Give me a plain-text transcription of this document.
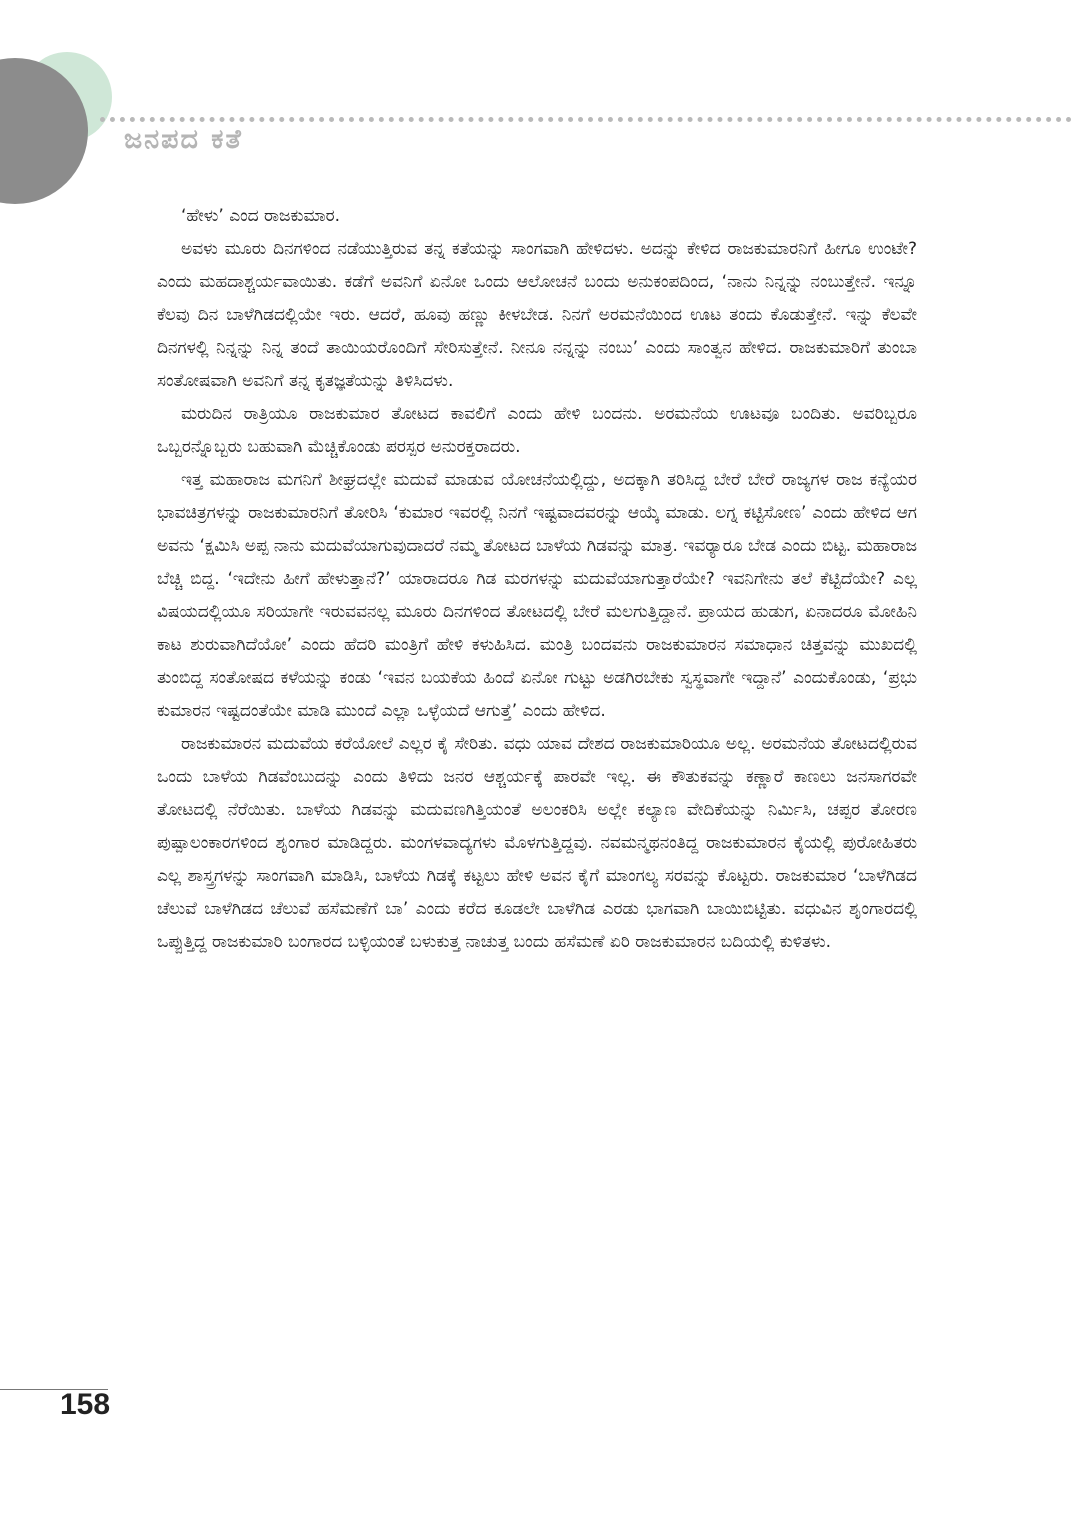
ಜನಪದ ಕತೆ

‘ಹೇಳು’ ಎಂದ ರಾಜಕುಮಾರ.

ಅವಳು ಮೂರು ದಿನಗಳಿಂದ ನಡೆಯುತ್ತಿರುವ ತನ್ನ ಕತೆಯನ್ನು ಸಾಂಗವಾಗಿ ಹೇಳಿದಳು. ಅದನ್ನು ಕೇಳಿದ ರಾಜಕುಮಾರನಿಗೆ ಹೀಗೂ ಉಂಟೇ? ಎಂದು ಮಹದಾಶ್ಚರ್ಯವಾಯಿತು. ಕಡೆಗೆ ಅವನಿಗೆ ಏನೋ ಒಂದು ಆಲೋಚನೆ ಬಂದು ಅನುಕಂಪದಿಂದ, ‘ನಾನು ನಿನ್ನನ್ನು ನಂಬುತ್ತೇನೆ. ಇನ್ನೂ ಕೆಲವು ದಿನ ಬಾಳೆಗಿಡದಲ್ಲಿಯೇ ಇರು. ಆದರೆ, ಹೂವು ಹಣ್ಣು ಕೀಳಬೇಡ. ನಿನಗೆ ಅರಮನೆಯಿಂದ ಊಟ ತಂದು ಕೊಡುತ್ತೇನೆ. ಇನ್ನು ಕೆಲವೇ ದಿನಗಳಲ್ಲಿ ನಿನ್ನನ್ನು ನಿನ್ನ ತಂದೆ ತಾಯಿಯರೊಂದಿಗೆ ಸೇರಿಸುತ್ತೇನೆ. ನೀನೂ ನನ್ನನ್ನು ನಂಬು’ ಎಂದು ಸಾಂತ್ವನ ಹೇಳಿದ. ರಾಜಕುಮಾರಿಗೆ ತುಂಬಾ ಸಂತೋಷವಾಗಿ ಅವನಿಗೆ ತನ್ನ ಕೃತಜ್ಞತೆಯನ್ನು ತಿಳಿಸಿದಳು.

ಮರುದಿನ ರಾತ್ರಿಯೂ ರಾಜಕುಮಾರ ತೋಟದ ಕಾವಲಿಗೆ ಎಂದು ಹೇಳಿ ಬಂದನು. ಅರಮನೆಯ ಊಟವೂ ಬಂದಿತು. ಅವರಿಬ್ಬರೂ ಒಬ್ಬರನ್ನೊಬ್ಬರು ಬಹುವಾಗಿ ಮೆಚ್ಚಿಕೊಂಡು ಪರಸ್ಪರ ಅನುರಕ್ತರಾದರು.

ಇತ್ತ ಮಹಾರಾಜ ಮಗನಿಗೆ ಶೀಘ್ರದಲ್ಲೇ ಮದುವೆ ಮಾಡುವ ಯೋಚನೆಯಲ್ಲಿದ್ದು, ಅದಕ್ಕಾಗಿ ತರಿಸಿದ್ದ ಬೇರೆ ಬೇರೆ ರಾಜ್ಯಗಳ ರಾಜ ಕನ್ಯೆಯರ ಭಾವಚಿತ್ರಗಳನ್ನು ರಾಜಕುಮಾರನಿಗೆ ತೋರಿಸಿ ‘ಕುಮಾರ ಇವರಲ್ಲಿ ನಿನಗೆ ಇಷ್ಟವಾದವರನ್ನು ಆಯ್ಕೆ ಮಾಡು. ಲಗ್ನ ಕಟ್ಟಿಸೋಣ’ ಎಂದು ಹೇಳಿದ ಆಗ ಅವನು ‘ಕ್ಷಮಿಸಿ ಅಪ್ಪ ನಾನು ಮದುವೆಯಾಗುವುದಾದರೆ ನಮ್ಮ ತೋಟದ ಬಾಳೆಯ ಗಿಡವನ್ನು ಮಾತ್ರ. ಇವರ್‍ಯಾರೂ ಬೇಡ ಎಂದು ಬಿಟ್ಟ. ಮಹಾರಾಜ ಬೆಚ್ಚಿ ಬಿದ್ದ. ‘ಇದೇನು ಹೀಗೆ ಹೇಳುತ್ತಾನೆ?’ ಯಾರಾದರೂ ಗಿಡ ಮರಗಳನ್ನು ಮದುವೆಯಾಗುತ್ತಾರೆಯೇ? ಇವನಿಗೇನು ತಲೆ ಕೆಟ್ಟಿದೆಯೇ? ಎಲ್ಲ ವಿಷಯದಲ್ಲಿಯೂ ಸರಿಯಾಗೇ ಇರುವವನಲ್ಲ ಮೂರು ದಿನಗಳಿಂದ ತೋಟದಲ್ಲಿ ಬೇರೆ ಮಲಗುತ್ತಿದ್ದಾನೆ. ಪ್ರಾಯದ ಹುಡುಗ, ಏನಾದರೂ ಮೋಹಿನಿ ಕಾಟ ಶುರುವಾಗಿದೆಯೋ’ ಎಂದು ಹೆದರಿ ಮಂತ್ರಿಗೆ ಹೇಳಿ ಕಳುಹಿಸಿದ. ಮಂತ್ರಿ ಬಂದವನು ರಾಜಕುಮಾರನ ಸಮಾಧಾನ ಚಿತ್ತವನ್ನು ಮುಖದಲ್ಲಿ ತುಂಬಿದ್ದ ಸಂತೋಷದ ಕಳೆಯನ್ನು ಕಂಡು ‘ಇವನ ಬಯಕೆಯ ಹಿಂದೆ ಏನೋ ಗುಟ್ಟು ಅಡಗಿರಬೇಕು ಸ್ವಸ್ಥವಾಗೇ ಇದ್ದಾನೆ’ ಎಂದುಕೊಂಡು, ‘ಪ್ರಭು ಕುಮಾರನ ಇಷ್ಟದಂತೆಯೇ ಮಾಡಿ ಮುಂದೆ ಎಲ್ಲಾ ಒಳ್ಳೆಯದೆ ಆಗುತ್ತೆ’ ಎಂದು ಹೇಳಿದ.

ರಾಜಕುಮಾರನ ಮದುವೆಯ ಕರೆಯೋಲೆ ಎಲ್ಲರ ಕೈ ಸೇರಿತು. ವಧು ಯಾವ ದೇಶದ ರಾಜಕುಮಾರಿಯೂ ಅಲ್ಲ. ಅರಮನೆಯ ತೋಟದಲ್ಲಿರುವ ಒಂದು ಬಾಳೆಯ ಗಿಡವೆಂಬುದನ್ನು ಎಂದು ತಿಳಿದು ಜನರ ಆಶ್ಚರ್ಯಕ್ಕೆ ಪಾರವೇ ಇಲ್ಲ. ಈ ಕೌತುಕವನ್ನು ಕಣ್ಣಾರೆ ಕಾಣಲು ಜನಸಾಗರವೇ ತೋಟದಲ್ಲಿ ನೆರೆಯಿತು. ಬಾಳೆಯ ಗಿಡವನ್ನು ಮದುವಣಗಿತ್ತಿಯಂತೆ ಅಲಂಕರಿಸಿ ಅಲ್ಲೇ ಕಲ್ಯಾಣ ವೇದಿಕೆಯನ್ನು ನಿರ್ಮಿಸಿ, ಚಪ್ಪರ ತೋರಣ ಪುಷ್ಪಾಲಂಕಾರಗಳಿಂದ ಶೃಂಗಾರ ಮಾಡಿದ್ದರು. ಮಂಗಳವಾದ್ಯಗಳು ಮೊಳಗುತ್ತಿದ್ದವು. ನವಮನ್ಮಥನಂತಿದ್ದ ರಾಜಕುಮಾರನ ಕೈಯಲ್ಲಿ ಪುರೋಹಿತರು ಎಲ್ಲ ಶಾಸ್ತ್ರಗಳನ್ನು ಸಾಂಗವಾಗಿ ಮಾಡಿಸಿ, ಬಾಳೆಯ ಗಿಡಕ್ಕೆ ಕಟ್ಟಲು ಹೇಳಿ ಅವನ ಕೈಗೆ ಮಾಂಗಲ್ಯ ಸರವನ್ನು ಕೊಟ್ಟರು. ರಾಜಕುಮಾರ ‘ಬಾಳೆಗಿಡದ ಚೆಲುವೆ ಬಾಳೆಗಿಡದ ಚೆಲುವೆ ಹಸೆಮಣೆಗೆ ಬಾ’ ಎಂದು ಕರೆದ ಕೂಡಲೇ ಬಾಳೆಗಿಡ ಎರಡು ಭಾಗವಾಗಿ ಬಾಯಿಬಿಟ್ಟಿತು. ವಧುವಿನ ಶೃಂಗಾರದಲ್ಲಿ ಒಪ್ಪುತ್ತಿದ್ದ ರಾಜಕುಮಾರಿ ಬಂಗಾರದ ಬಳ್ಳಿಯಂತೆ ಬಳುಕುತ್ತ ನಾಚುತ್ತ ಬಂದು ಹಸೆಮಣೆ ಏರಿ ರಾಜಕುಮಾರನ ಬದಿಯಲ್ಲಿ ಕುಳಿತಳು.

158
